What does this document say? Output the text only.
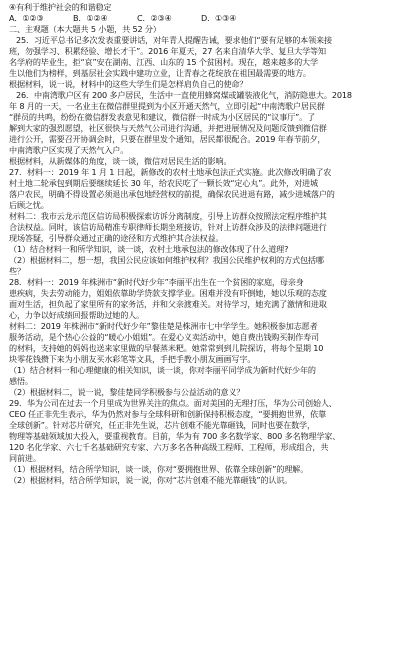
④有利于维护社会的和谐稳定
A．①②③	B．①②④	C．②③④	D．①③④
二、主观题（本大题共 5 小题，共 52 分）
25．习近平总书记多次发表重要讲话，对年青人提醒告诫，要求他们“要有足够的本领来接
班，勿强学习、积累经验、增长才干”。2016 年夏天，27 名来自清华大学、复旦大学等知
名学府的毕业生，拒“哀”安在湖南、江西、山东的 15 个贫困村。现在，越来越多的大学
生以他们为榜样，到基层社会实践中建功立业，让青春之花绽放在祖国最需要的地方。
根据材料，说一说，材料中的这些大学生们是怎样肩负自己的使命？
26．中南湾歌户区有 200 多户居民，生活中一直使用蜂窝煤或罐装液化气，消防隐患大。2018
年 8 月的一天，一名业主在微信群里提到为小区开通天然气，立即引起“中南湾歌户居民群
“群员的共鸣，纷纷在微信群发表意见和建议，微信群一时成为小区居民的“议事厅”。了
解到大家的强烈愿望，社区很快与天然气公司进行沟通，并把进展情况及问题反馈到微信群
进行公开，需要召开协调会时，只要在群里发个通知，居民都很配合。2019 年春节前夕，
中南湾歌户区实现了天然气入户。
根据材料，从新媒体的角度，谈一谈，微信对居民生活的影响。
27．材料一：2019 年 1 月 1 日起，新修改的农村土地承包法正式实施。此次修改明确了农
村土地二轮承包到期后要继续延长 30 年，给农民吃了一颗长效“定心丸”。此外，对进城
落户农民，明确不得设置必须退出承包地经营权的前提，确保农民进退有路，减少进城落户的
后顾之忧。
材料二：我市云龙示范区信访局积极探索访诉分离制度，引导上访群众按照法定程序维护其
合法权益。同时，该信访局精准专职律师长期坐班接访，针对上访群众涉及的法律问题进行
现场答疑，引导群众通过正确的途径和方式维护其合法权益。
（1）结合材料一和所学知识，谈一谈，农村土地承包法的修改体现了什么道理?
（2）根据材料二，想一想，我国公民应该如何维护权利？我国公民维护权利的方式包括哪
些？
28．材料一：2019 年株洲市“新时代好少年”李丽平出生在一个贫困的家庭，母亲身
患疾病，失去劳动能力，姐姐依靠助学贷款支撑学业。困难并没有吓倒她，她以乐观的态度
面对生活，担负起了家里所有的家务活，并和父亲渡难关。对待学习，她充满了激情和进取
心，力争以好成绩回报帮助过她的人。
材料二：2019 年株洲市“新时代好少年”黎佳楚是株洲市七中学学生。她积极参加志愿者
服务活动，是个热心公益的“暖心小姐姐”。在爱心义卖活动中，她自费出钱购买制作寿司
的材料，支持她的妈妈也送来家里做的早餐蒸米粑。她常常到到儿院探访，将每个星期 10
块零花钱攒下来为小朋友买水彩笔等文具，手把手教小朋友画画写字。
（1）结合材料一和心理健康的相关知识，谈一谈，你对李丽平同学成为新时代好少年的
感悟。
（2）根据材料二，说一说，黎佳楚同学积极参与公益活动的意义？
29．华为公司在过去一个月里成为世界关注的焦点。面对美国的无理打压，华为公司创始人、
CEO 任正非先生表示，华为仍然对参与全球科研和创新保持积极态度，“要拥抱世界，依靠
全球创新”。针对芯片研究，任正非先生说，芯片创难不能光靠砸钱，同时也要在数学，
物理等基础领域加大投入，要重视教育。目前，华为有 700 多名数学家、800 多名物理学家、
120 名化学家、六七千名基础研究专家、六万多名各种高级工程师、工程师，形成组合，共
同前进。
（1）根据材料，结合所学知识，谈一谈，你对“要拥抱世界、依靠全球创新”的理解。
（2）根据材料，结合所学知识，说一说，你对“芯片创难不能光靠砸钱”的认识。
